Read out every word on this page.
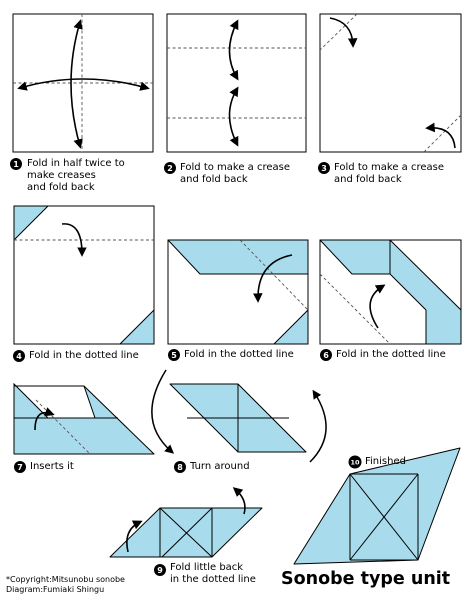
1	2	3
4	5	6
7	8
9
10
Fold in half twice to
make creases
and fold back
Fold to make a crease
and fold back
Fold to make a crease
and fold back
Fold in the dotted line	Fold in the dotted line	Fold in the dotted line
Inserts it	Turn around
Fold little back
in the dotted line
Finished
*Copyright:Mitsunobu sonobe
Diagram:Fumiaki Shingu
Sonobe type unit
